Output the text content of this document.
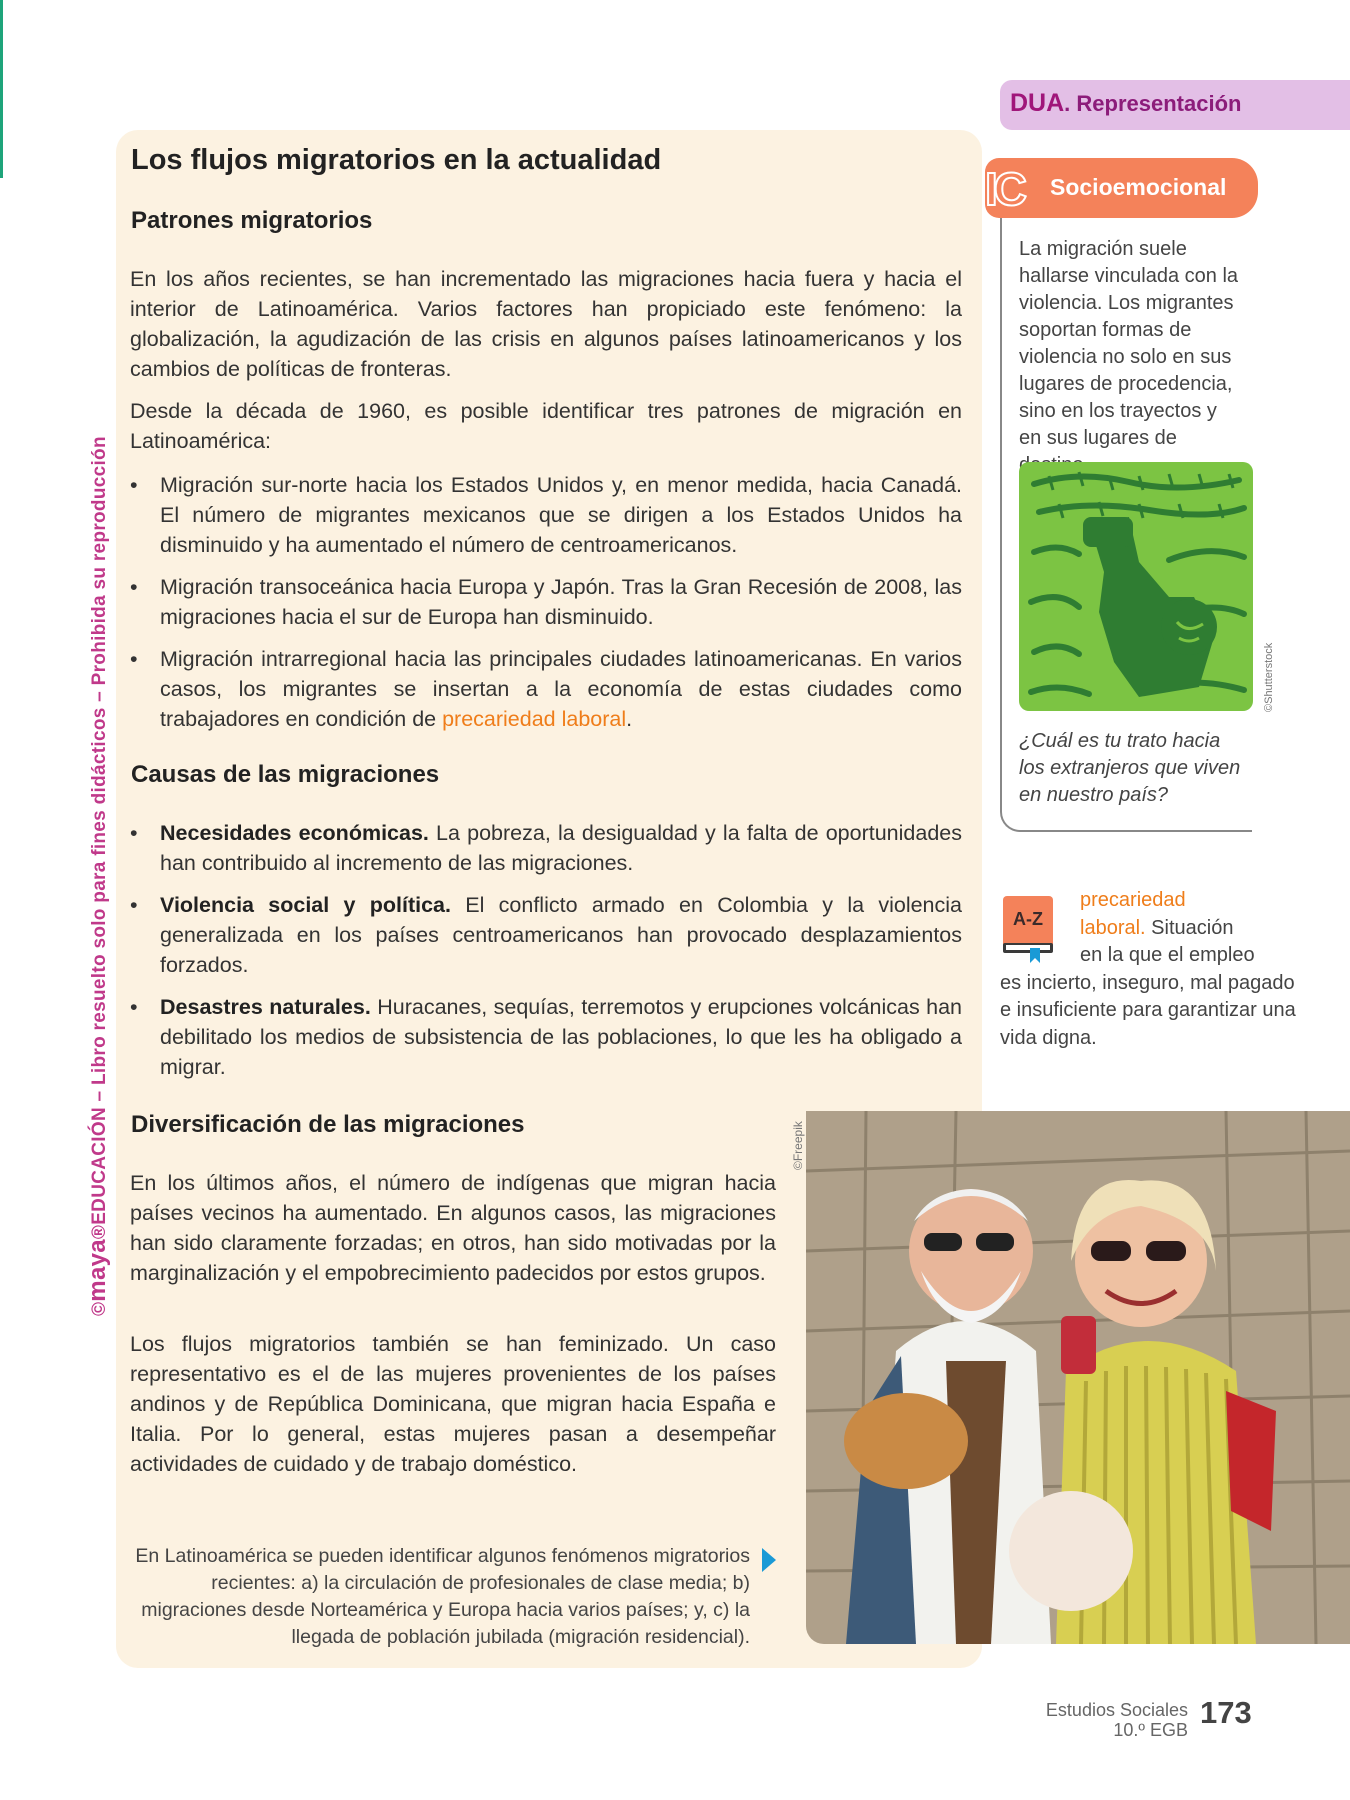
©maya®EDUCACIÓN – Libro resuelto solo para fines didácticos – Prohibida su reproducción
Los flujos migratorios en la actualidad
Patrones migratorios

En los años recientes, se han incrementado las migraciones hacia fuera y hacia el interior de Latinoamérica. Varios factores han propiciado este fenómeno: la globalización, la agudización de las crisis en algunos países latinoamericanos y los cambios de políticas de fronteras.

Desde la década de 1960, es posible identificar tres patrones de migración en Latinoamérica:

• Migración sur-norte hacia los Estados Unidos y, en menor medida, hacia Canadá. El número de migrantes mexicanos que se dirigen a los Estados Unidos ha disminuido y ha aumentado el número de centroamericanos.
• Migración transoceánica hacia Europa y Japón. Tras la Gran Recesión de 2008, las migraciones hacia el sur de Europa han disminuido.
• Migración intrarregional hacia las principales ciudades latinoamericanas. En varios casos, los migrantes se insertan a la economía de estas ciudades como trabajadores en condición de precariedad laboral.
Causas de las migraciones
• Necesidades económicas. La pobreza, la desigualdad y la falta de oportunidades han contribuido al incremento de las migraciones.
• Violencia social y política. El conflicto armado en Colombia y la violencia generalizada en los países centroamericanos han provocado desplazamientos forzados.
• Desastres naturales. Huracanes, sequías, terremotos y erupciones volcánicas han debilitado los medios de subsistencia de las poblaciones, lo que les ha obligado a migrar.
Diversificación de las migraciones

En los últimos años, el número de indígenas que migran hacia países vecinos ha aumentado. En algunos casos, las migraciones han sido claramente forzadas; en otros, han sido motivadas por la marginalización y el empobrecimiento padecidos por estos grupos.

Los flujos migratorios también se han feminizado. Un caso representativo es el de las mujeres provenientes de los países andinos y de República Dominicana, que migran hacia España e Italia. Por lo general, estas mujeres pasan a desempeñar actividades de cuidado y de trabajo doméstico.

©Freepik

En Latinoamérica se pueden identificar algunos fenómenos migratorios recientes: a) la circulación de profesionales de clase media; b) migraciones desde Norteamérica y Europa hacia varios países; y, c) la llegada de población jubilada (migración residencial).

DUA. Representación
IC Socioemocional

La migración suele hallarse vinculada con la violencia. Los migrantes soportan formas de violencia no solo en sus lugares de procedencia, sino en los trayectos y en sus lugares de

©Shutterstock

¿Cuál es tu trato hacia los extranjeros que viven en nuestro país?

A-Z

precariedad
laboral. Situación
en la que el empleo
es incierto, inseguro, mal pagado e insuficiente para garantizar una vida digna.

Estudios Sociales
10.º EGB 173
